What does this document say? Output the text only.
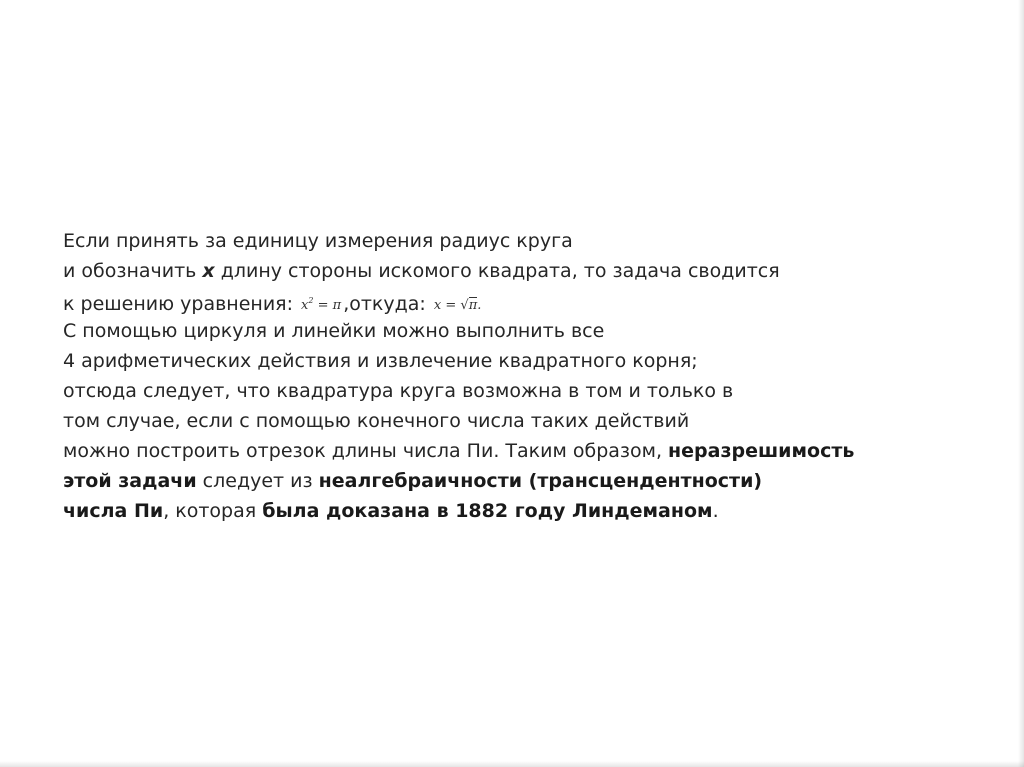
Если принять за единицу измерения радиус круга
и обозначить x длину стороны искомого квадрата, то задача сводится
к решению уравнения: $x^2 = \pi$ ,откуда: x = √π.
С помощью циркуля и линейки можно выполнить все
4 арифметических действия и извлечение квадратного корня;
отсюда следует, что квадратура круга возможна в том и только в
том случае, если с помощью конечного числа таких действий
можно построить отрезок длины числа Пи. Таким образом, неразрешимость
этой задачи следует из неалгебраичности (трансцендентности)
числа Пи, которая была доказана в 1882 году Линдеманом.
